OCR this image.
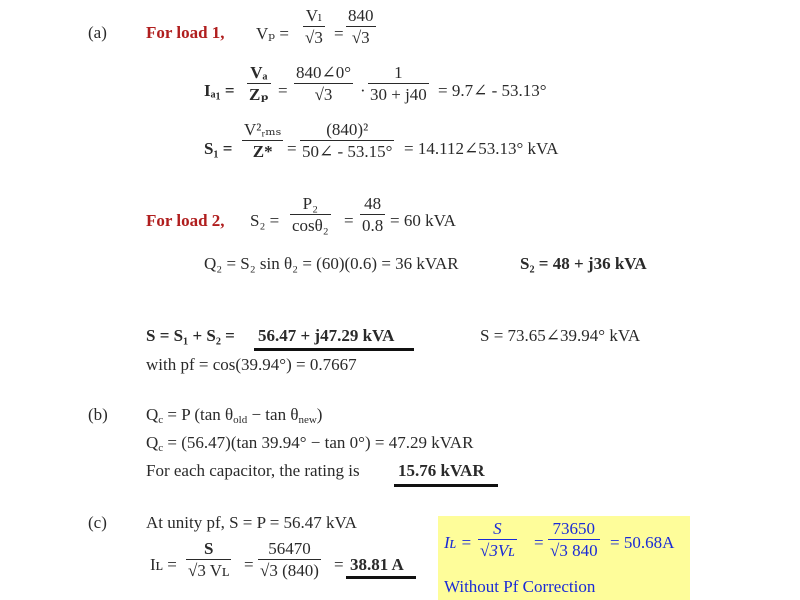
(a) For load 1, $V_p = \frac{\text{Vₗ}}{√3} = \frac{840}{√3}$
$I_{a1} = \frac{\text{Vₐ}}{\text{Zₚ}} = \frac{840\angle 0^\circ}{√3} \cdot \frac{1}{30 + j40}$ = 9.7∠ - 53.13°
S₁ =
V²ᵣₘₛ
$Z* = \frac{\text{(840)²}}{50\angle - 53.15^\circ}$ = 14.112∠53.13° kVA
For load 2, $S_2 = \frac{\text{P₂}}{\text{cosθ₂}} = \frac{48}{0.8} = 60$ kVA
Q₂ = S₂ sin θ₂ = (60)(0.6) = 36 kVAR	S₂ = 48 + j36 kVA
S = S₁ + S₂ = 56.47 + j47.29 kVA	S = 73.65∠39.94° kVA
with pf = cos(39.94°) = 0.7667
(b) $Q_c = P$ (tan $\theta_{old} - \tan \theta_{new}$)
$Q_c = (56.47)(\tan$ 39.94° − tan 0°) = 47.29 kVAR
For each capacitor, the rating is 15.76 kVAR
(c) At unity pf, S = P = 56.47 kVA
Iʟ = $\frac{S}{\text{√3 Vʟ}} = \frac{56470}{√3 (840)} = 38.81$ A
Iʟ = $\frac{S}{\text{√3Vʟ}} = \frac{73650}{√3 840} = 50.68A$
Without Pf Correction
